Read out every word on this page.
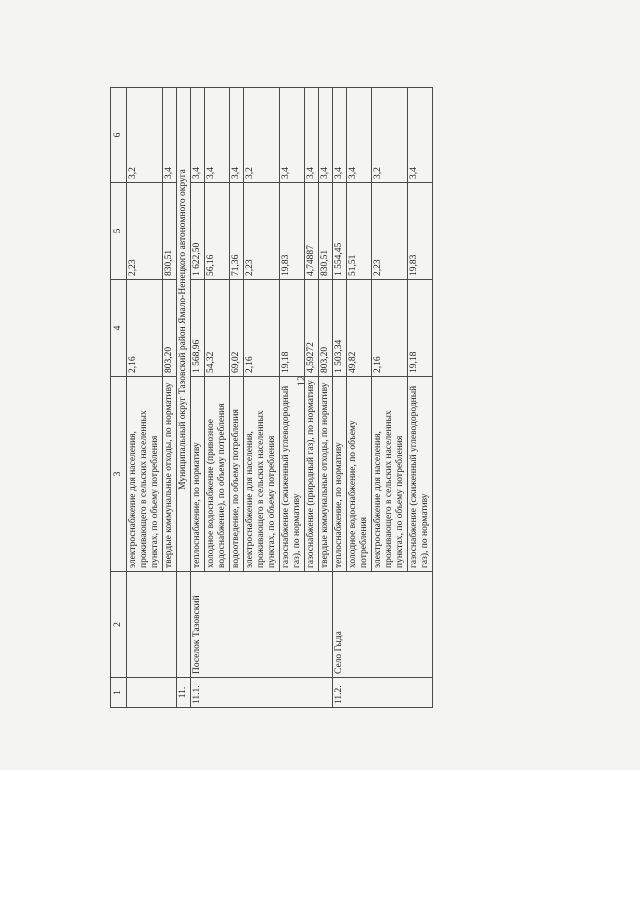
12
1	2	3	4	5	6
		электроснабжение для населения, проживающего в сельских населенных пунктах, по объему потребления	2,16	2,23	3,2
		твердые коммунальные отходы, по нормативу	803,20	830,51	3,4
11.		Муниципальный округ Тазовский район Ямало-Ненецкого автономного округа			
11.1.	Поселок Тазовский	теплоснабжение, по нормативу	1 568,96	1 622,50	3,4
		холодное водоснабжение (привозное водоснабжение), по объему потребления	54,32	56,16	3,4
		водоотведение, по объему потребления	69,02	71,36	3,4
		электроснабжение для населения, проживающего в сельских населенных пунктах, по объему потребления	2,16	2,23	3,2
		газоснабжение (сжиженный углеводородный газ), по нормативу	19,18	19,83	3,4
		газоснабжение (природный газ), по нормативу	4,59272	4,74887	3,4
		твердые коммунальные отходы, по нормативу	803,20	830,51	3,4
11.2.	Село Гыда	теплоснабжение, по нормативу	1 503,34	1 554,45	3,4
		холодное водоснабжение, по объему потребления	49,82	51,51	3,4
		электроснабжение для населения, проживающего в сельских населенных пунктах, по объему потребления	2,16	2,23	3,2
		газоснабжение (сжиженный углеводородный газ), по нормативу	19,18	19,83	3,4
